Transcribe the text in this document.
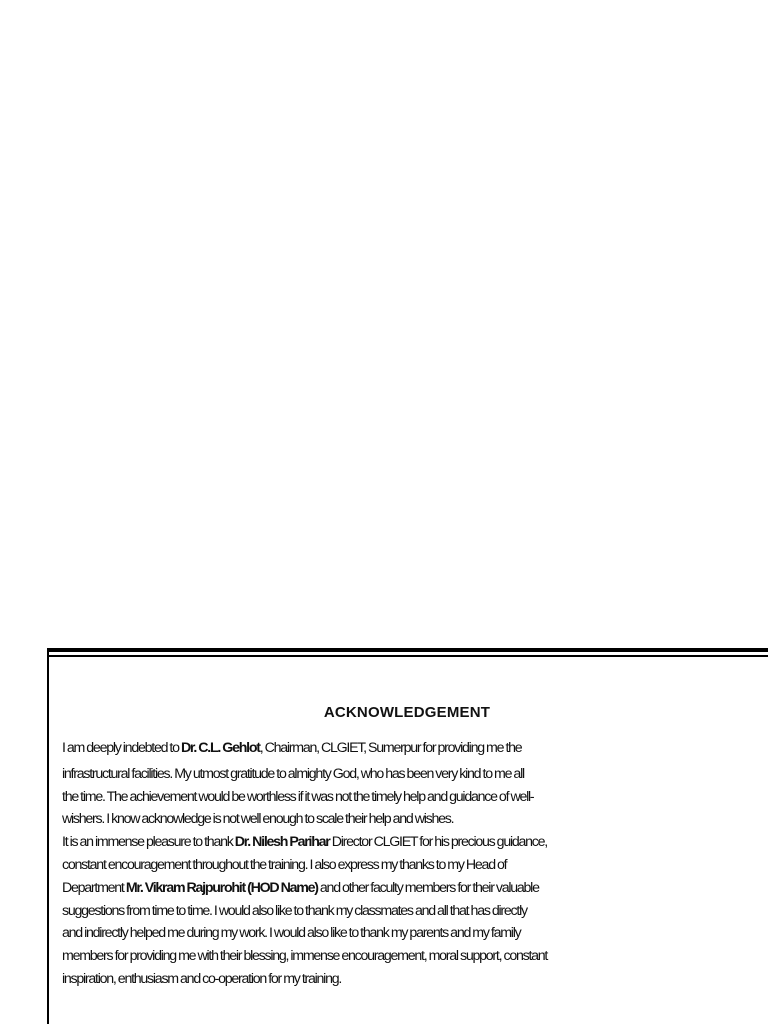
ACKNOWLEDGEMENT
I am deeply indebted to Dr. C.L. Gehlot, Chairman, CLGIET, Sumerpur for providing me the
infrastructural facilities. My utmost gratitude to almighty God, who has been very kind to me all
the time. The achievement would be worthless if it was not the timely help and guidance of well-
wishers. I know acknowledge is not well enough to scale their help and wishes.
It is an immense pleasure to thank Dr. Nilesh Parihar Director CLGIET for his precious guidance,
constant encouragement throughout the training. I also express my thanks to my Head of
Department Mr. Vikram Rajpurohit (HOD Name) and other faculty members for their valuable
suggestions from time to time. I would also like to thank my classmates and all that has directly
and indirectly helped me during my work. I would also like to thank my parents and my family
members for providing me with their blessing, immense encouragement, moral support, constant
inspiration, enthusiasm and co-operation for my training.
